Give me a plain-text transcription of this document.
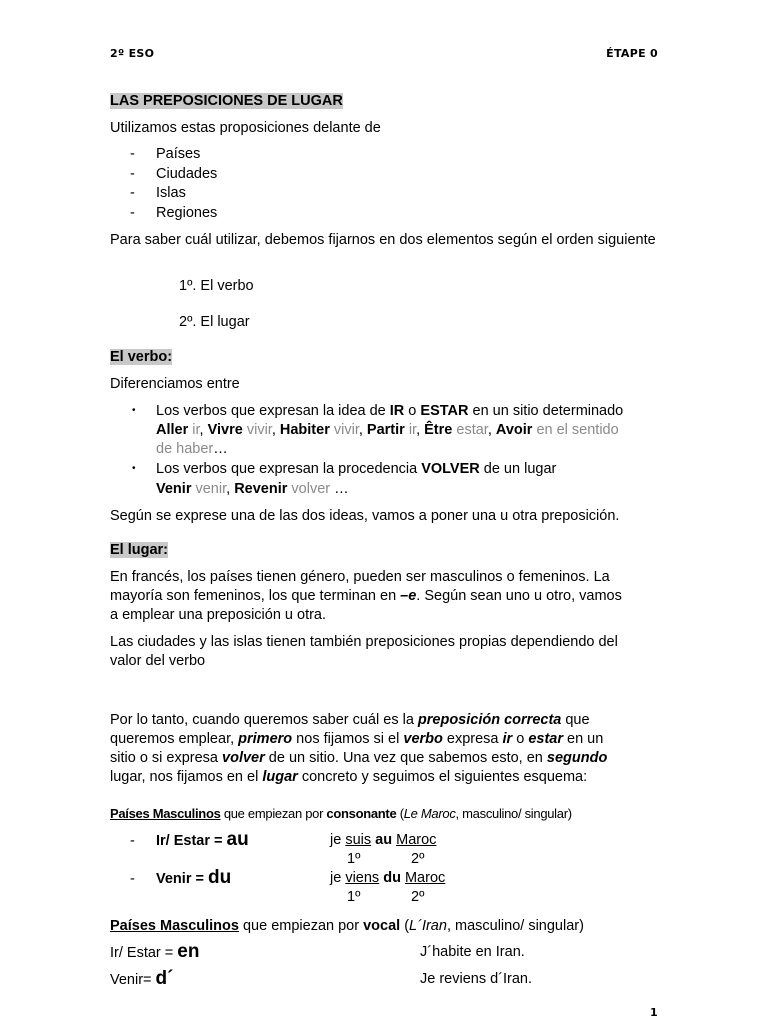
2º ESO	ÉTAPE 0
LAS PREPOSICIONES DE LUGAR
Utilizamos estas proposiciones delante de
- Países
- Ciudades
- Islas
- Regiones
Para saber cuál utilizar, debemos fijarnos en dos elementos según el orden siguiente
1º. El verbo
2º. El lugar
El verbo:
Diferenciamos entre
• Los verbos que expresan la idea de IR o ESTAR en un sitio determinado
Aller ir, Vivre vivir, Habiter vivir, Partir ir, Être estar, Avoir en el sentido
de haber…
• Los verbos que expresan la procedencia VOLVER de un lugar
Venir venir, Revenir volver …
Según se exprese una de las dos ideas, vamos a poner una u otra preposición.
El lugar:
En francés, los países tienen género, pueden ser masculinos o femeninos. La
mayoría son femeninos, los que terminan en –e. Según sean uno u otro, vamos
a emplear una preposición u otra.
Las ciudades y las islas tienen también preposiciones propias dependiendo del
valor del verbo
Por lo tanto, cuando queremos saber cuál es la preposición correcta que
queremos emplear, primero nos fijamos si el verbo expresa ir o estar en un
sitio o si expresa volver de un sitio. Una vez que sabemos esto, en segundo
lugar, nos fijamos en el lugar concreto y seguimos el siguientes esquema:
Países Masculinos que empiezan por consonante (Le Maroc, masculino/ singular)
- Ir/ Estar = au	je suis au Maroc
1º	2º
- Venir = du	je viens du Maroc
1º	2º
Países Masculinos que empiezan por vocal (L´Iran, masculino/ singular)
Ir/ Estar = en	J´habite en Iran.
Venir= d´	Je reviens d´Iran.
1
